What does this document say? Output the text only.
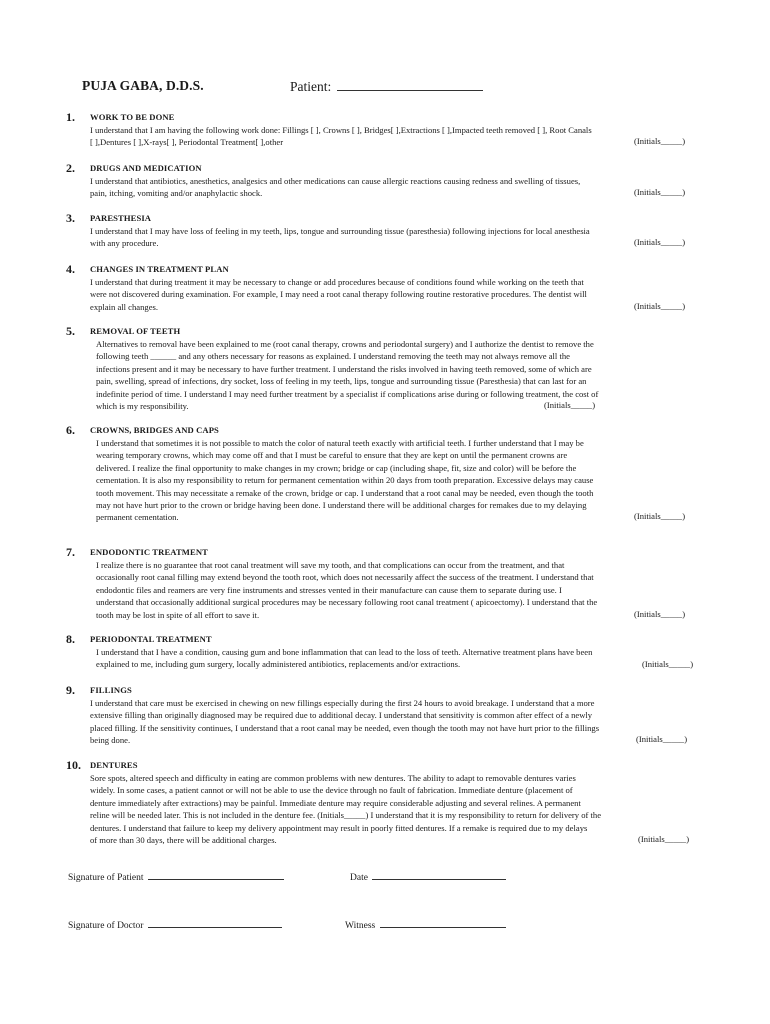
PUJA GABA, D.D.S.	Patient:
1. WORK TO BE DONE
I understand that I am having the following work done: Fillings [ ], Crowns [ ], Bridges[ ],Extractions [ ],Impacted teeth removed [ ], Root Canals
[ ],Dentures [ ],X-rays[ ], Periodontal Treatment[ ],other	(Initials_____)
2. DRUGS AND MEDICATION
I understand that antibiotics, anesthetics, analgesics and other medications can cause allergic reactions causing redness and swelling of tissues,
pain, itching, vomiting and/or anaphylactic shock.	(Initials_____)
3. PARESTHESIA
I understand that I may have loss of feeling in my teeth, lips, tongue and surrounding tissue (paresthesia) following injections for local anesthesia
with any procedure.	(Initials_____)
4. CHANGES IN TREATMENT PLAN
I understand that during treatment it may be necessary to change or add procedures because of conditions found while working on the teeth that
were not discovered during examination. For example, I may need a root canal therapy following routine restorative procedures. The dentist will
explain all changes.	(Initials_____)
5. REMOVAL OF TEETH
Alternatives to removal have been explained to me (root canal therapy, crowns and periodontal surgery) and I authorize the dentist to remove the
following teeth ______ and any others necessary for reasons as explained. I understand removing the teeth may not always remove all the
infections present and it may be necessary to have further treatment. I understand the risks involved in having teeth removed, some of which are
pain, swelling, spread of infections, dry socket, loss of feeling in my teeth, lips, tongue and surrounding tissue (Paresthesia) that can last for an
indefinite period of time. I understand I may need further treatment by a specialist if complications arise during or following treatment, the cost of
which is my responsibility.	(Initials_____)
6. CROWNS, BRIDGES AND CAPS
I understand that sometimes it is not possible to match the color of natural teeth exactly with artificial teeth. I further understand that I may be
wearing temporary crowns, which may come off and that I must be careful to ensure that they are kept on until the permanent crowns are
delivered. I realize the final opportunity to make changes in my crown; bridge or cap (including shape, fit, size and color) will be before the
cementation. It is also my responsibility to return for permanent cementation within 20 days from tooth preparation. Excessive delays may cause
tooth movement. This may necessitate a remake of the crown, bridge or cap. I understand that a root canal may be needed, even though the tooth
may not have hurt prior to the crown or bridge having been done. I understand there will be additional charges for remakes due to my delaying
permanent cementation.	(Initials_____)
7. ENDODONTIC TREATMENT
I realize there is no guarantee that root canal treatment will save my tooth, and that complications can occur from the treatment, and that
occasionally root canal filling may extend beyond the tooth root, which does not necessarily affect the success of the treatment. I understand that
endodontic files and reamers are very fine instruments and stresses vented in their manufacture can cause them to separate during use. I
understand that occasionally additional surgical procedures may be necessary following root canal treatment ( apicoectomy). I understand that the
tooth may be lost in spite of all effort to save it.	(Initials_____)
8. PERIODONTAL TREATMENT
I understand that I have a condition, causing gum and bone inflammation that can lead to the loss of teeth. Alternative treatment plans have been
explained to me, including gum surgery, locally administered antibiotics, replacements and/or extractions.	(Initials_____)
9. FILLINGS
I understand that care must be exercised in chewing on new fillings especially during the first 24 hours to avoid breakage. I understand that a more
extensive filling than originally diagnosed may be required due to additional decay. I understand that sensitivity is common after effect of a newly
placed filling. If the sensitivity continues, I understand that a root canal may be needed, even though the tooth may not have hurt prior to the fillings
being done.	(Initials_____)
10. DENTURES
Sore spots, altered speech and difficulty in eating are common problems with new dentures. The ability to adapt to removable dentures varies
widely. In some cases, a patient cannot or will not be able to use the device through no fault of fabrication. Immediate denture (placement of
denture immediately after extractions) may be painful. Immediate denture may require considerable adjusting and several relines. A permanent
reline will be needed later. This is not included in the denture fee. (Initials_____) I understand that it is my responsibility to return for delivery of the
dentures. I understand that failure to keep my delivery appointment may result in poorly fitted dentures. If a remake is required due to my delays
of more than 30 days, there will be additional charges.	(Initials_____)
Signature of Patient	Date
Signature of Doctor	Witness
